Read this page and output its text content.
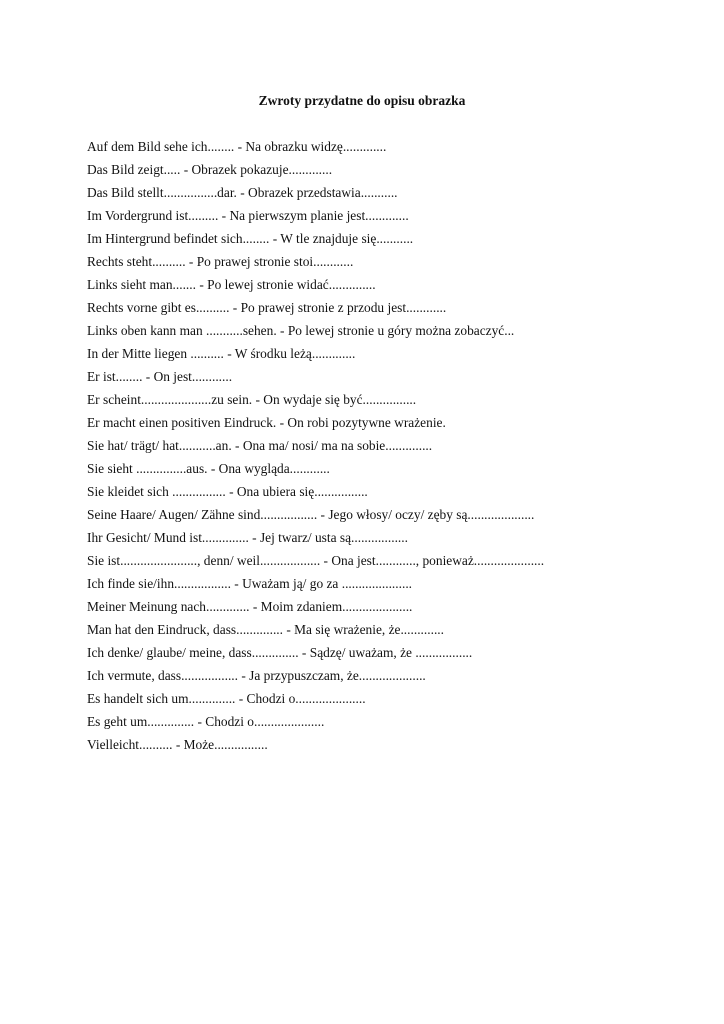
Zwroty przydatne do opisu obrazka
Auf dem Bild sehe ich........ - Na obrazku widzę.............
Das Bild zeigt..... - Obrazek pokazuje.............
Das Bild stellt................dar. - Obrazek przedstawia...........
Im Vordergrund ist......... - Na pierwszym planie jest.............
Im Hintergrund befindet sich........ - W tle znajduje się...........
Rechts steht.......... - Po prawej stronie stoi............
Links sieht man....... - Po lewej stronie widać..............
Rechts vorne gibt es.......... - Po prawej stronie z przodu jest............
Links oben kann man ...........sehen. - Po lewej stronie u góry można zobaczyć...
In der Mitte liegen .......... - W środku leżą.............
Er ist........ - On jest............
Er scheint.....................zu sein. - On wydaje się być................
Er macht einen positiven Eindruck. - On robi pozytywne wrażenie.
Sie hat/ trägt/ hat...........an. - Ona ma/ nosi/ ma na sobie..............
Sie sieht ...............aus. - Ona wygląda............
Sie kleidet sich ................ - Ona ubiera się................
Seine Haare/ Augen/ Zähne sind................. - Jego włosy/ oczy/ zęby są....................
Ihr Gesicht/ Mund ist.............. - Jej twarz/ usta są.................
Sie ist......................., denn/ weil.................. - Ona jest............, ponieważ.....................
Ich finde sie/ihn................. - Uważam ją/ go za .....................
Meiner Meinung nach............. - Moim zdaniem.....................
Man hat den Eindruck, dass.............. - Ma się wrażenie, że.............
Ich denke/ glaube/ meine, dass.............. - Sądzę/ uważam, że .................
Ich vermute, dass................. - Ja przypuszczam, że....................
Es handelt sich um.............. - Chodzi o.....................
Es geht um.............. - Chodzi o.....................
Vielleicht.......... - Może................
